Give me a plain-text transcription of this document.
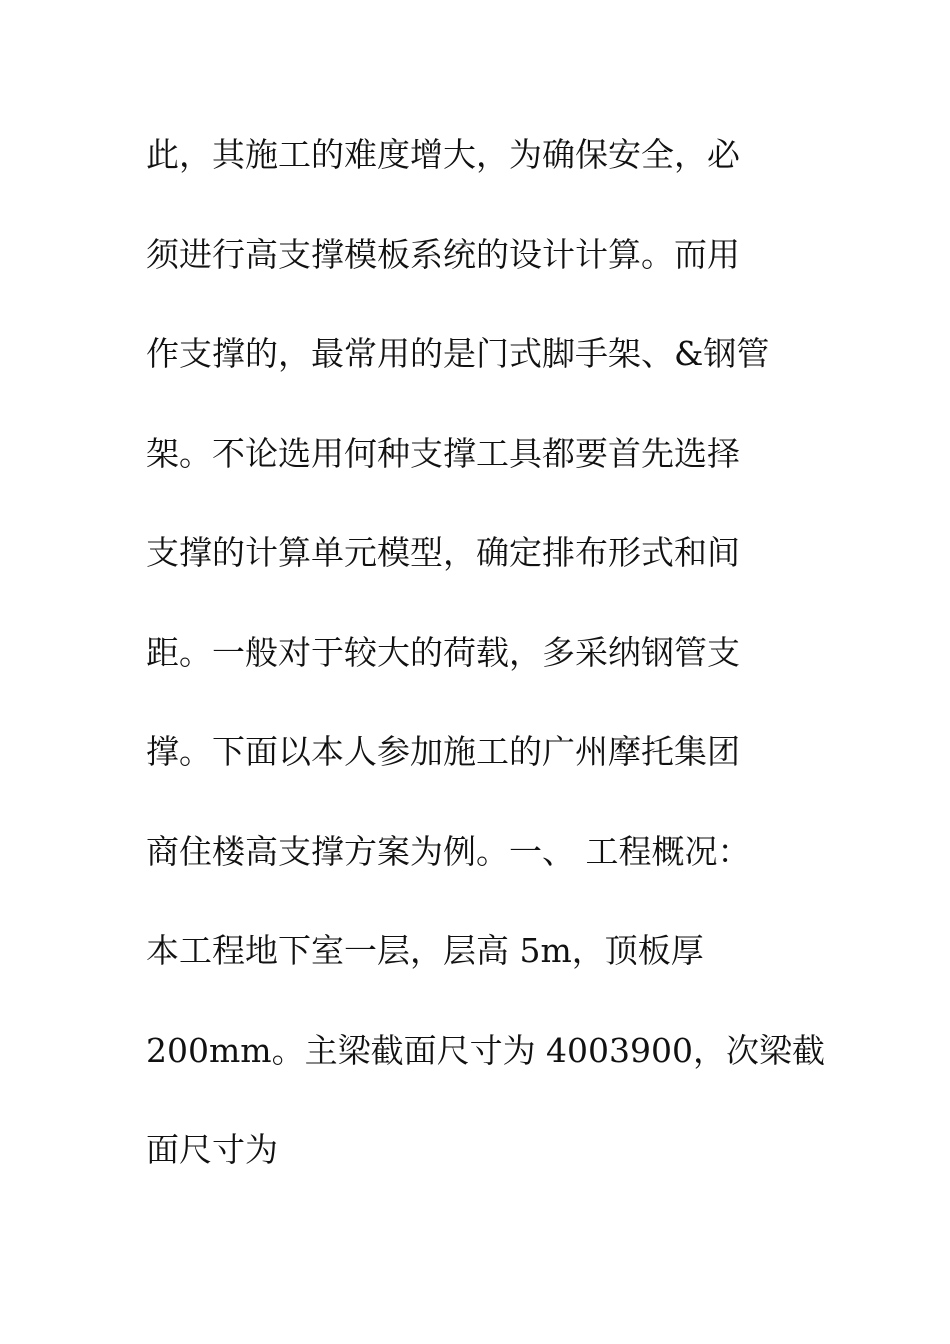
此，其施工的难度增大，为确保安全，必
须进行高支撑模板系统的设计计算。而用
作支撑的，最常用的是门式脚手架、&钢管
架。不论选用何种支撑工具都要首先选择
支撑的计算单元模型，确定排布形式和间
距。一般对于较大的荷载，多采纳钢管支
撑。下面以本人参加施工的广州摩托集团
商住楼高支撑方案为例。一、 工程概况：
本工程地下室一层，层高 5m，顶板厚
200mm。主梁截面尺寸为 4003900，次梁截
面尺寸为
